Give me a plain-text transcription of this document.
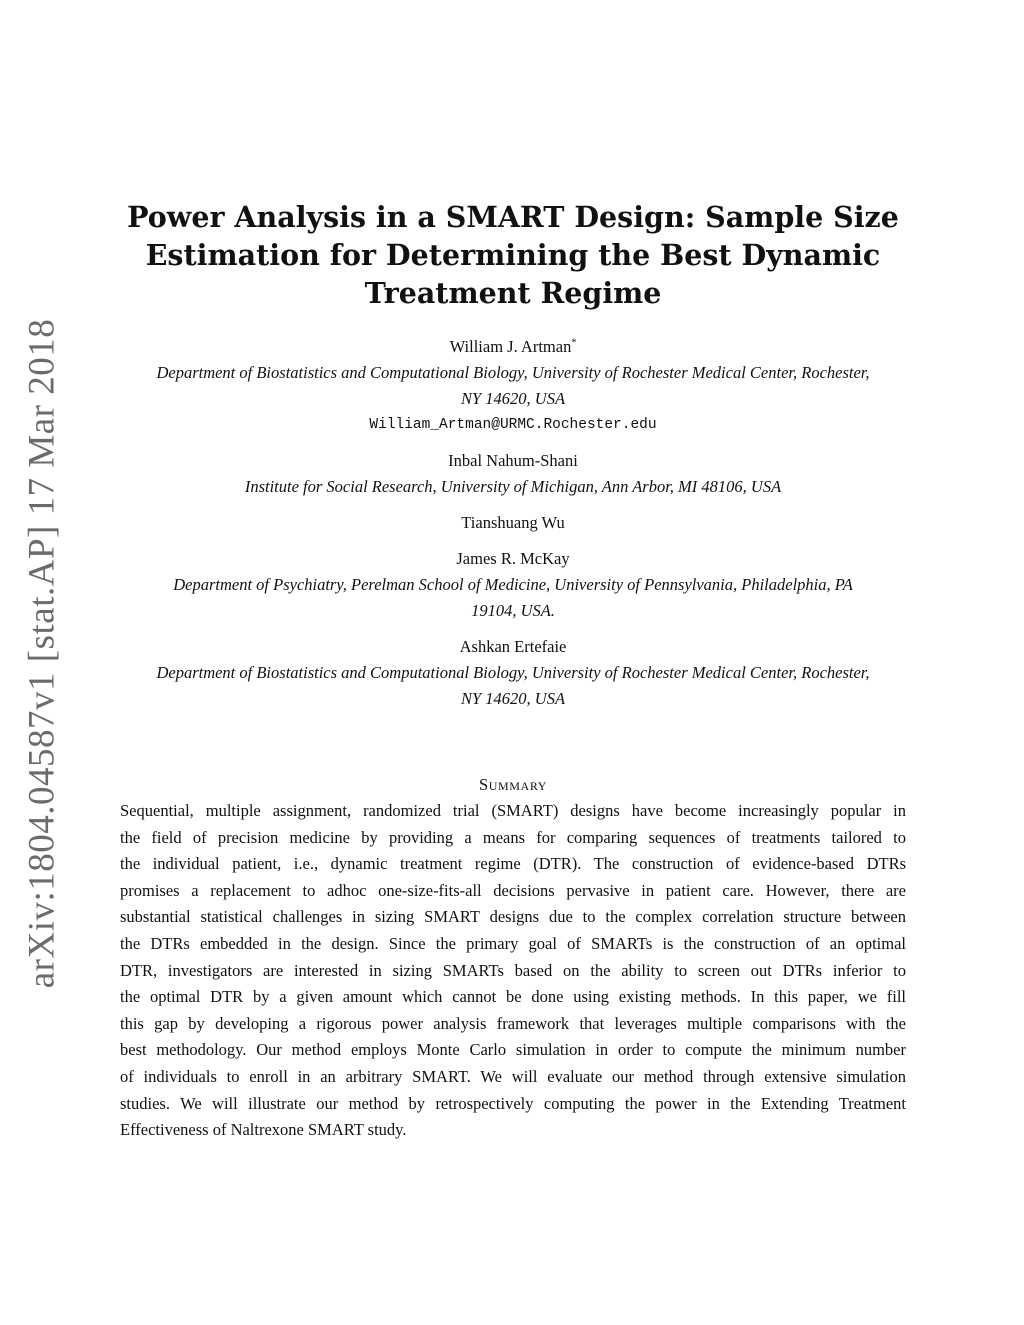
arXiv:1804.04587v1 [stat.AP] 17 Mar 2018
Power Analysis in a SMART Design: Sample Size
Estimation for Determining the Best Dynamic
Treatment Regime
William J. Artman*
Department of Biostatistics and Computational Biology, University of Rochester Medical Center, Rochester,
NY 14620, USA
William_Artman@URMC.Rochester.edu
Inbal Nahum-Shani
Institute for Social Research, University of Michigan, Ann Arbor, MI 48106, USA
Tianshuang Wu
James R. McKay
Department of Psychiatry, Perelman School of Medicine, University of Pennsylvania, Philadelphia, PA
19104, USA.
Ashkan Ertefaie
Department of Biostatistics and Computational Biology, University of Rochester Medical Center, Rochester,
NY 14620, USA
Summary
Sequential, multiple assignment, randomized trial (SMART) designs have become increasingly popular in
the field of precision medicine by providing a means for comparing sequences of treatments tailored to
the individual patient, i.e., dynamic treatment regime (DTR). The construction of evidence-based DTRs
promises a replacement to adhoc one-size-fits-all decisions pervasive in patient care. However, there are
substantial statistical challenges in sizing SMART designs due to the complex correlation structure between
the DTRs embedded in the design. Since the primary goal of SMARTs is the construction of an optimal
DTR, investigators are interested in sizing SMARTs based on the ability to screen out DTRs inferior to
the optimal DTR by a given amount which cannot be done using existing methods. In this paper, we fill
this gap by developing a rigorous power analysis framework that leverages multiple comparisons with the
best methodology. Our method employs Monte Carlo simulation in order to compute the minimum number
of individuals to enroll in an arbitrary SMART. We will evaluate our method through extensive simulation
studies. We will illustrate our method by retrospectively computing the power in the Extending Treatment
Effectiveness of Naltrexone SMART study.
